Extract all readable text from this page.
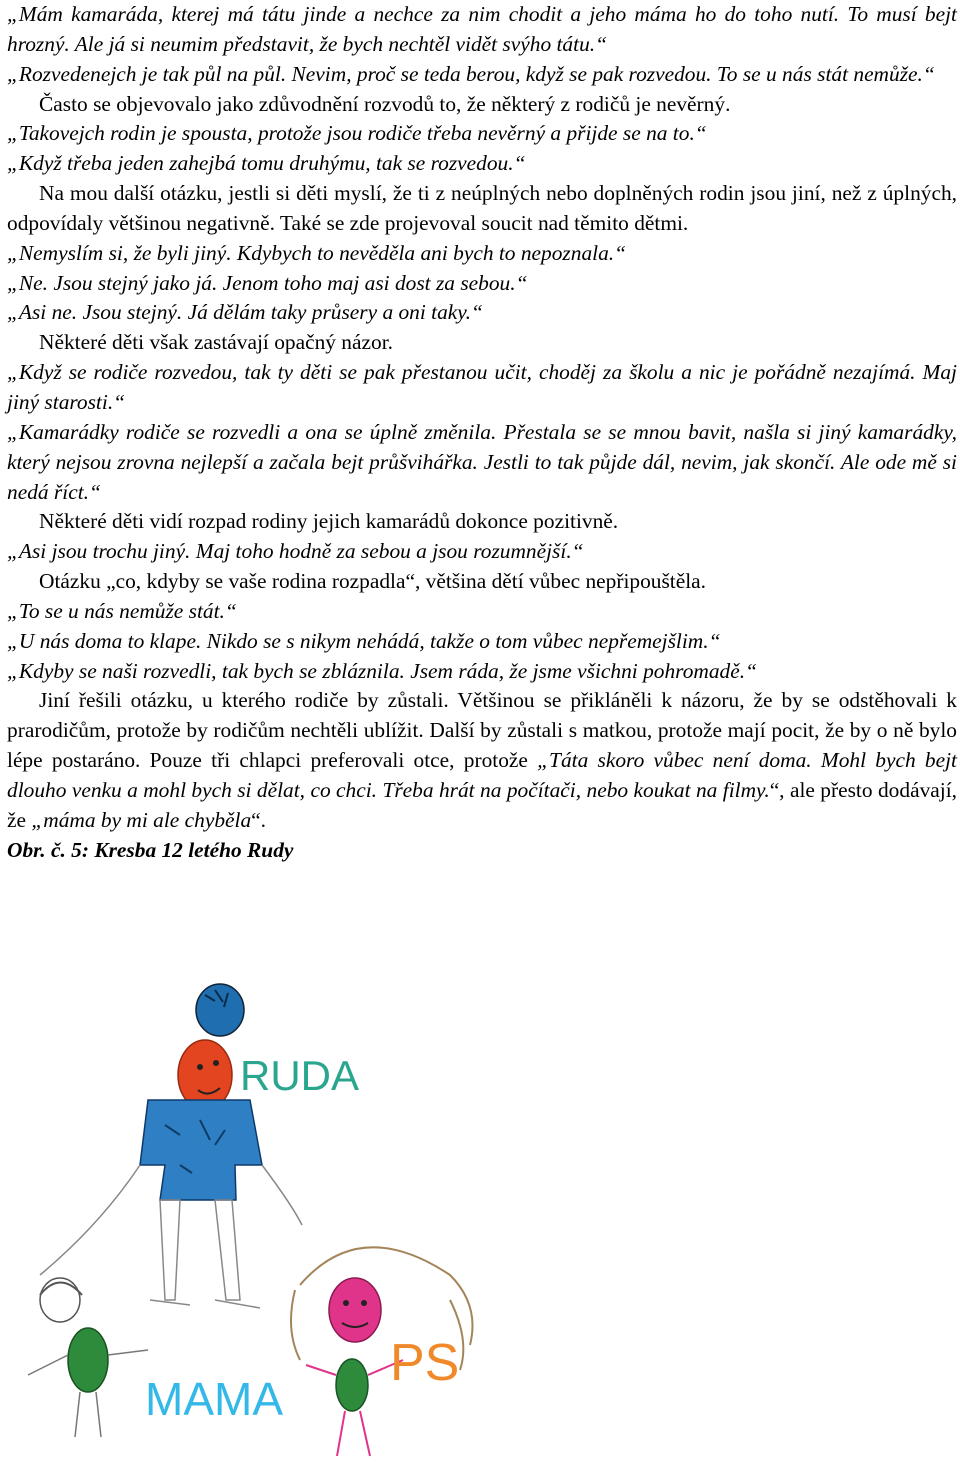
„Mám kamaráda, kterej má tátu jinde a nechce za nim chodit a jeho máma ho do toho nutí. To musí bejt hrozný. Ale já si neumim představit, že bych nechtěl vidět svýho tátu.“

„Rozvedenejch je tak půl na půl. Nevim, proč se teda berou, když se pak rozvedou. To se u nás stát nemůže.“

Často se objevovalo jako zdůvodnění rozvodů to, že některý z rodičů je nevěrný.

„Takovejch rodin je spousta, protože jsou rodiče třeba nevěrný a přijde se na to.“

„Když třeba jeden zahejbá tomu druhýmu, tak se rozvedou.“

Na mou další otázku, jestli si děti myslí, že ti z neúplných nebo doplněných rodin jsou jiní, než z úplných, odpovídaly většinou negativně. Také se zde projevoval soucit nad těmito dětmi.

„Nemyslím si, že byli jiný. Kdybych to nevěděla ani bych to nepoznala.“

„Ne. Jsou stejný jako já. Jenom toho maj asi dost za sebou.“

„Asi ne. Jsou stejný. Já dělám taky průsery a oni taky.“

Některé děti však zastávají opačný názor.

„Když se rodiče rozvedou, tak ty děti se pak přestanou učit, choděj za školu a nic je pořádně nezajímá. Maj jiný starosti.“

„Kamarádky rodiče se rozvedli a ona se úplně změnila. Přestala se se mnou bavit, našla si jiný kamarádky, který nejsou zrovna nejlepší a začala bejt průšvihářka. Jestli to tak půjde dál, nevim, jak skončí. Ale ode mě si nedá říct.“

Některé děti vidí rozpad rodiny jejich kamarádů dokonce pozitivně.

„Asi jsou trochu jiný. Maj toho hodně za sebou a jsou rozumnější.“

Otázku „co, kdyby se vaše rodina rozpadla“, většina dětí vůbec nepřipouštěla.

„To se u nás nemůže stát.“

„U nás doma to klape. Nikdo se s nikym nehádá, takže o tom vůbec nepřemejšlim.“

„Kdyby se naši rozvedli, tak bych se zbláznila. Jsem ráda, že jsme všichni pohromadě.“

Jiní řešili otázku, u kterého rodiče by zůstali. Většinou se přikláněli k názoru, že by se odstěhovali k prarodičům, protože by rodičům nechtěli ublížit. Další by zůstali s matkou, protože mají pocit, že by o ně bylo lépe postaráno. Pouze tři chlapci preferovali otce, protože „Táta skoro vůbec není doma. Mohl bych bejt dlouho venku a mohl bych si dělat, co chci. Třeba hrát na počítači, nebo koukat na filmy.“, ale přesto dodávají, že „máma by mi ale chyběla“.

Obr. č. 5: Kresba 12 letého Rudy

RUDA
MAMA
PS
